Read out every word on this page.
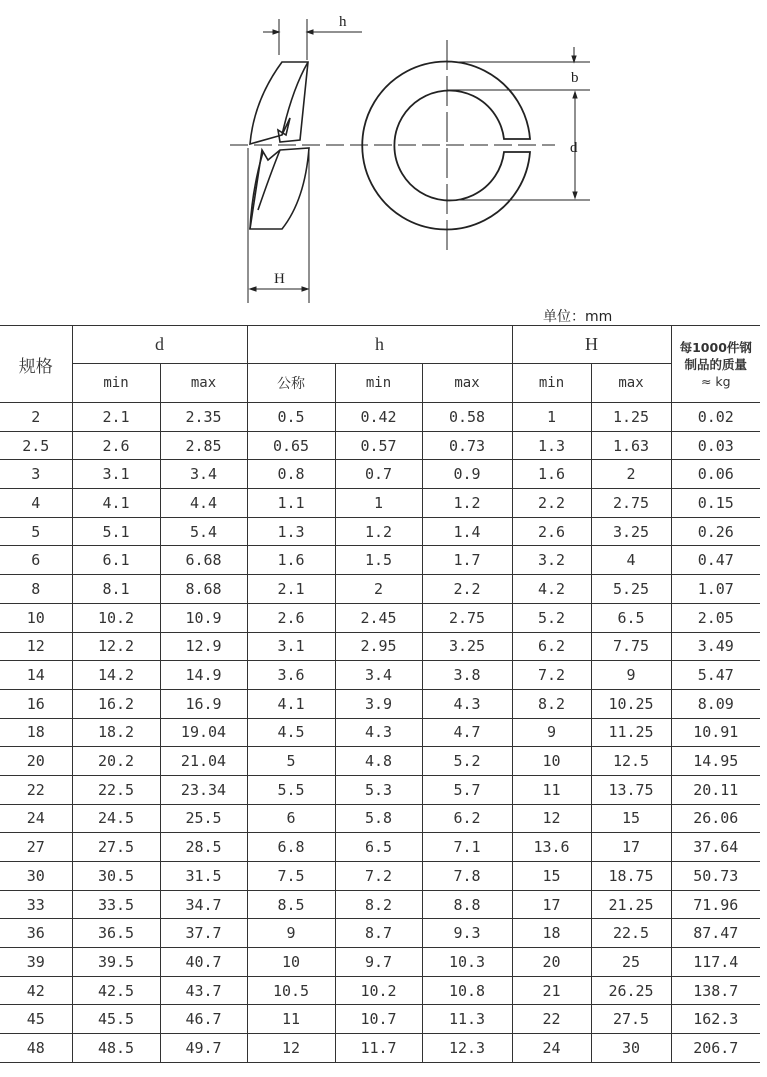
h
b
d
H
单位：mm
规格	d		h			H		每1000件钢
制品的质量
≈ kg

	min	max	公称	min	max	min	max	
2	2.1	2.35	0.5	0.42	0.58	1	1.25	0.02
2.5	2.6	2.85	0.65	0.57	0.73	1.3	1.63	0.03
3	3.1	3.4	0.8	0.7	0.9	1.6	2	0.06
4	4.1	4.4	1.1	1	1.2	2.2	2.75	0.15
5	5.1	5.4	1.3	1.2	1.4	2.6	3.25	0.26
6	6.1	6.68	1.6	1.5	1.7	3.2	4	0.47
8	8.1	8.68	2.1	2	2.2	4.2	5.25	1.07
10	10.2	10.9	2.6	2.45	2.75	5.2	6.5	2.05
12	12.2	12.9	3.1	2.95	3.25	6.2	7.75	3.49
14	14.2	14.9	3.6	3.4	3.8	7.2	9	5.47
16	16.2	16.9	4.1	3.9	4.3	8.2	10.25	8.09
18	18.2	19.04	4.5	4.3	4.7	9	11.25	10.91
20	20.2	21.04	5	4.8	5.2	10	12.5	14.95
22	22.5	23.34	5.5	5.3	5.7	11	13.75	20.11
24	24.5	25.5	6	5.8	6.2	12	15	26.06
27	27.5	28.5	6.8	6.5	7.1	13.6	17	37.64
30	30.5	31.5	7.5	7.2	7.8	15	18.75	50.73
33	33.5	34.7	8.5	8.2	8.8	17	21.25	71.96
36	36.5	37.7	9	8.7	9.3	18	22.5	87.47
39	39.5	40.7	10	9.7	10.3	20	25	117.4
42	42.5	43.7	10.5	10.2	10.8	21	26.25	138.7
45	45.5	46.7	11	10.7	11.3	22	27.5	162.3
48	48.5	49.7	12	11.7	12.3	24	30	206.7
